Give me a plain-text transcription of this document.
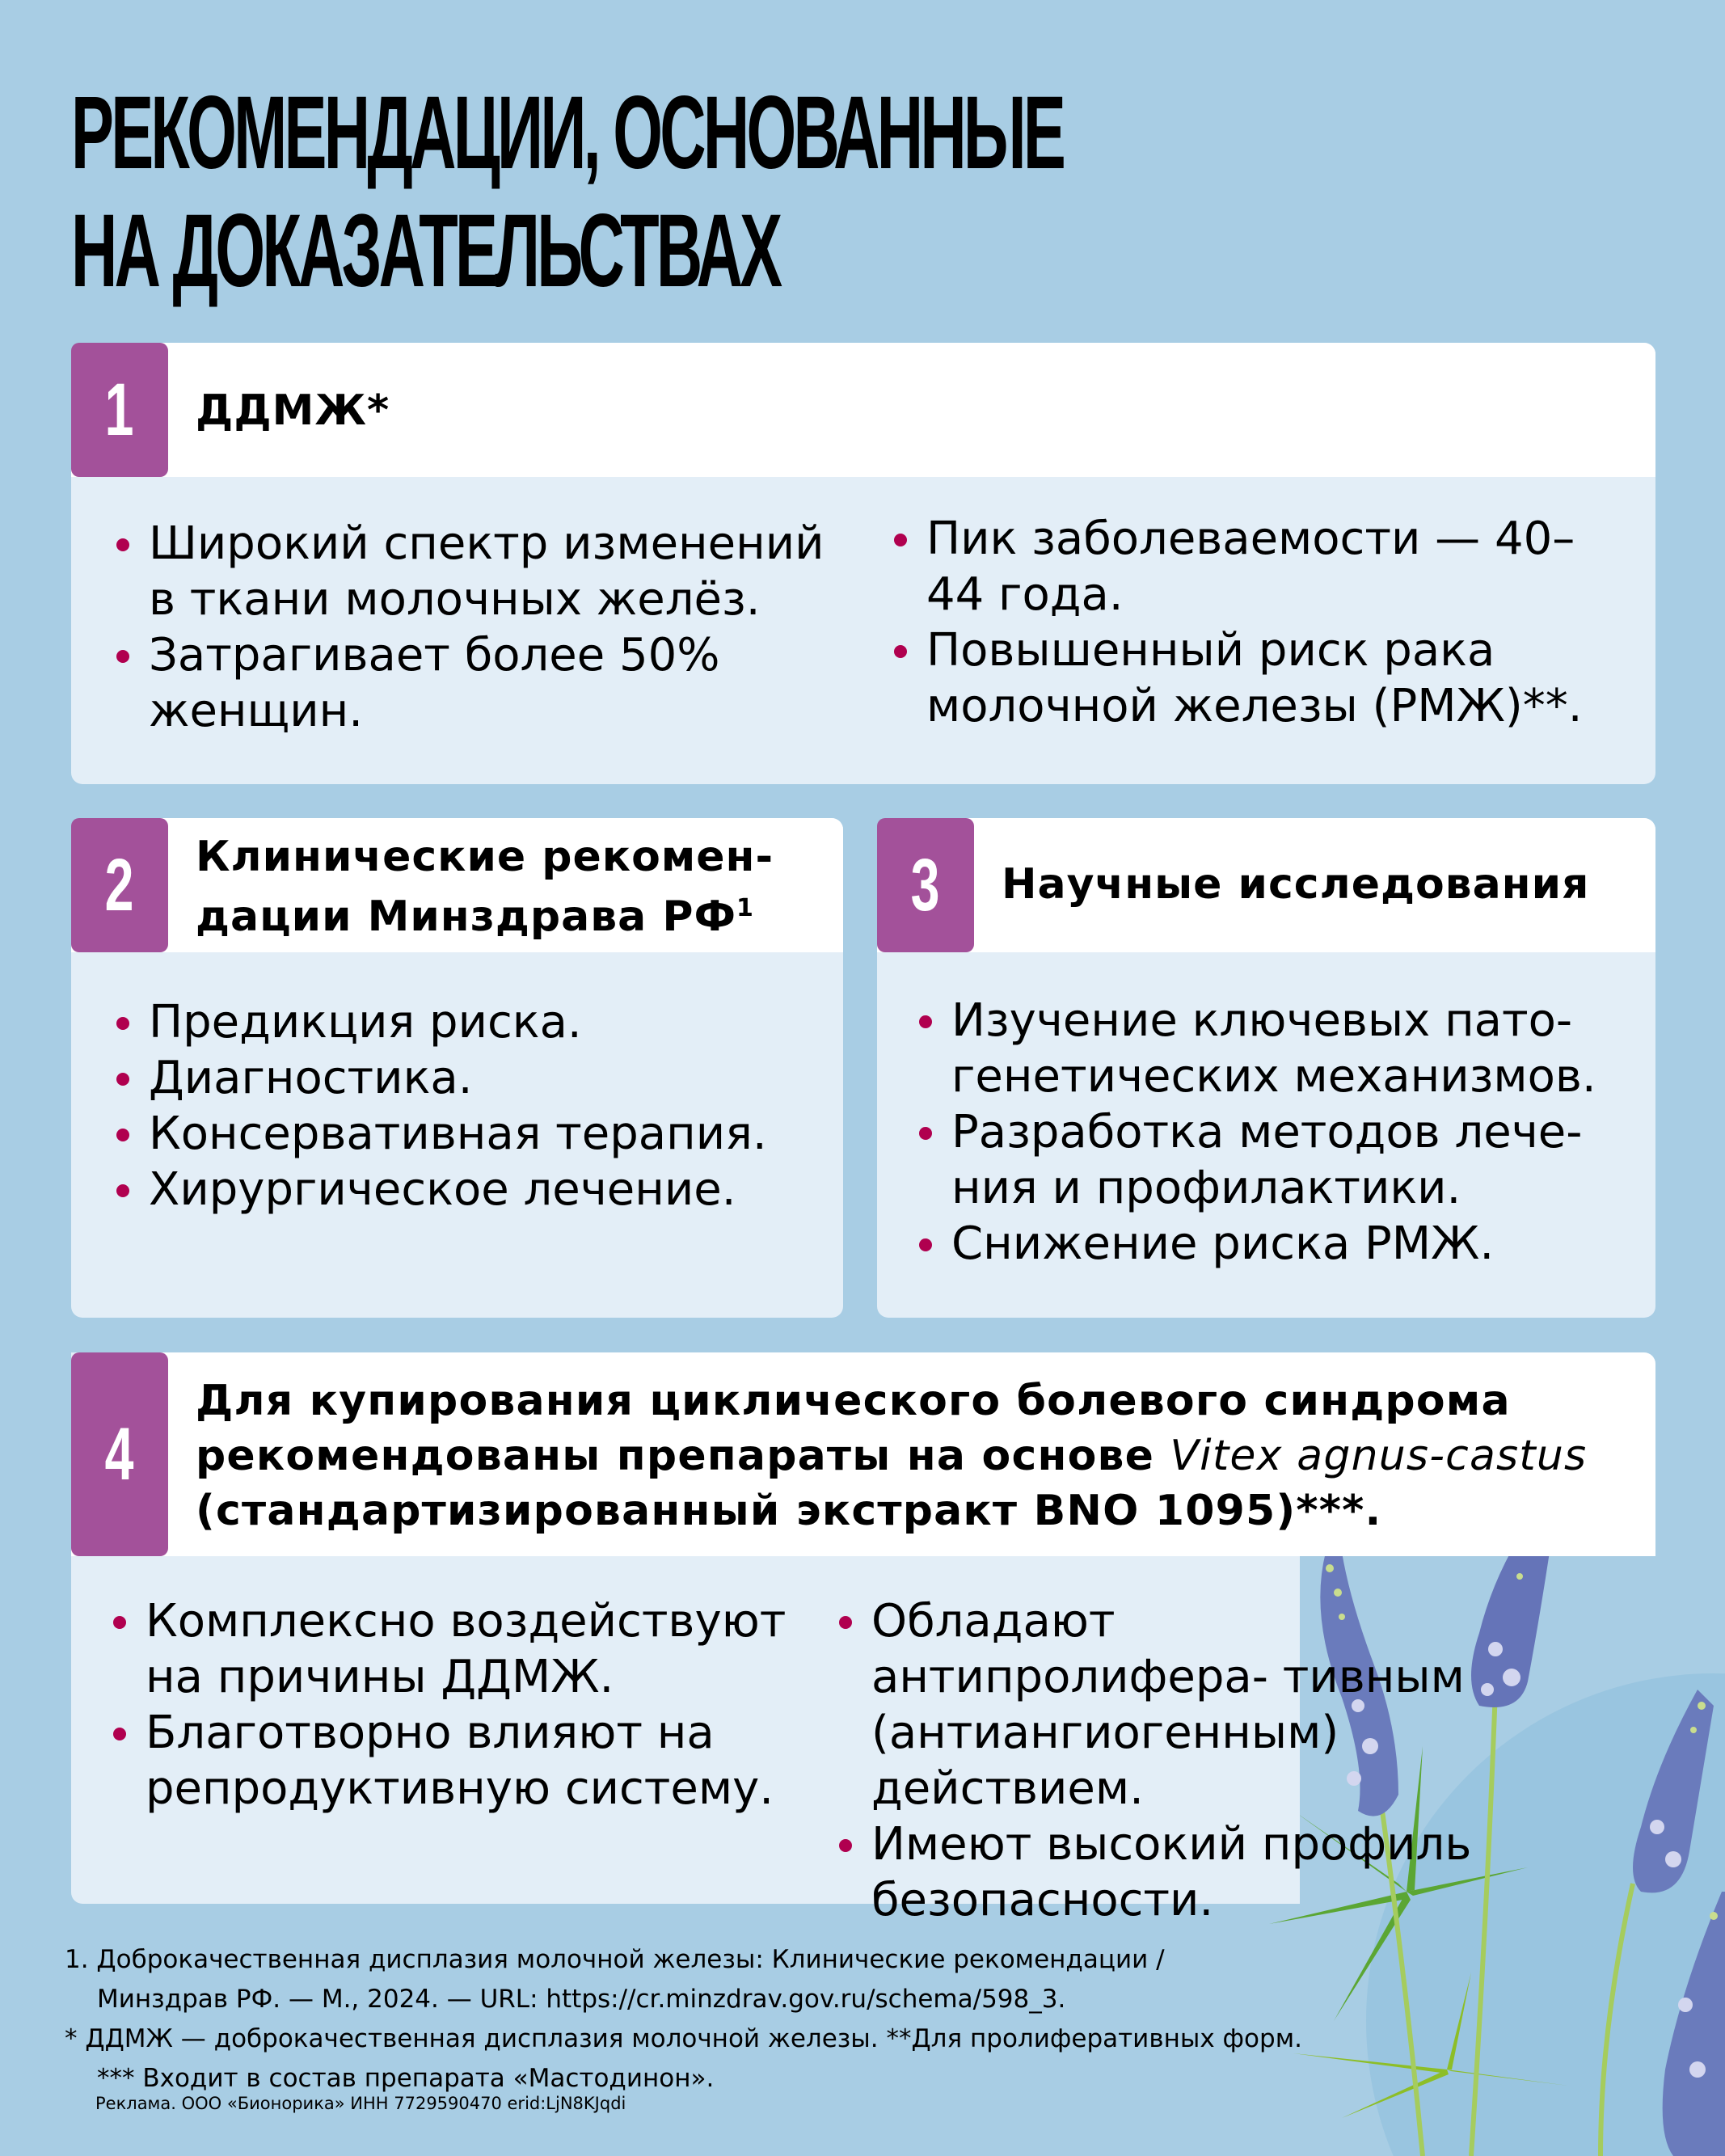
РЕКОМЕНДАЦИИ, ОСНОВАННЫЕ
НА ДОКАЗАТЕЛЬСТВАХ
1 ДДМЖ*
Широкий спектр изменений в ткани молочных желёз.
Затрагивает более 50% женщин.
Пик заболеваемости — 40–44 года.
Повышенный риск рака молочной железы (РМЖ)**.
2 Клинические рекомен-
дации Минздрава $РФ^1$
Предикция риска.
Диагностика.
Консервативная терапия.
Хирургическое лечение.
3 Научные исследования
Изучение ключевых пато- генетических механизмов.
Разработка методов лече- ния и профилактики.
Снижение риска РМЖ.
4
Для купирования циклического болевого синдрома
рекомендованы препараты на основе Vitex agnus-castus
(стандартизированный экстракт BNO 1095)***.
Комплексно воздействуют на причины ДДМЖ.
Благотворно влияют на репродуктивную систему.
Обладают антипролифера- тивным (антиангиогенным) действием.
Имеют высокий профиль безопасности.
1. Доброкачественная дисплазия молочной железы: Клинические рекомендации /
Минздрав РФ. — М., 2024. — URL: https://cr.minzdrav.gov.ru/schema/598_3.
* ДДМЖ — доброкачественная дисплазия молочной железы. **Для пролиферативных форм.
*** Входит в состав препарата «Мастодинон».
Реклама. ООО «Бионорика» ИНН 7729590470 erid:LjN8KJqdi
